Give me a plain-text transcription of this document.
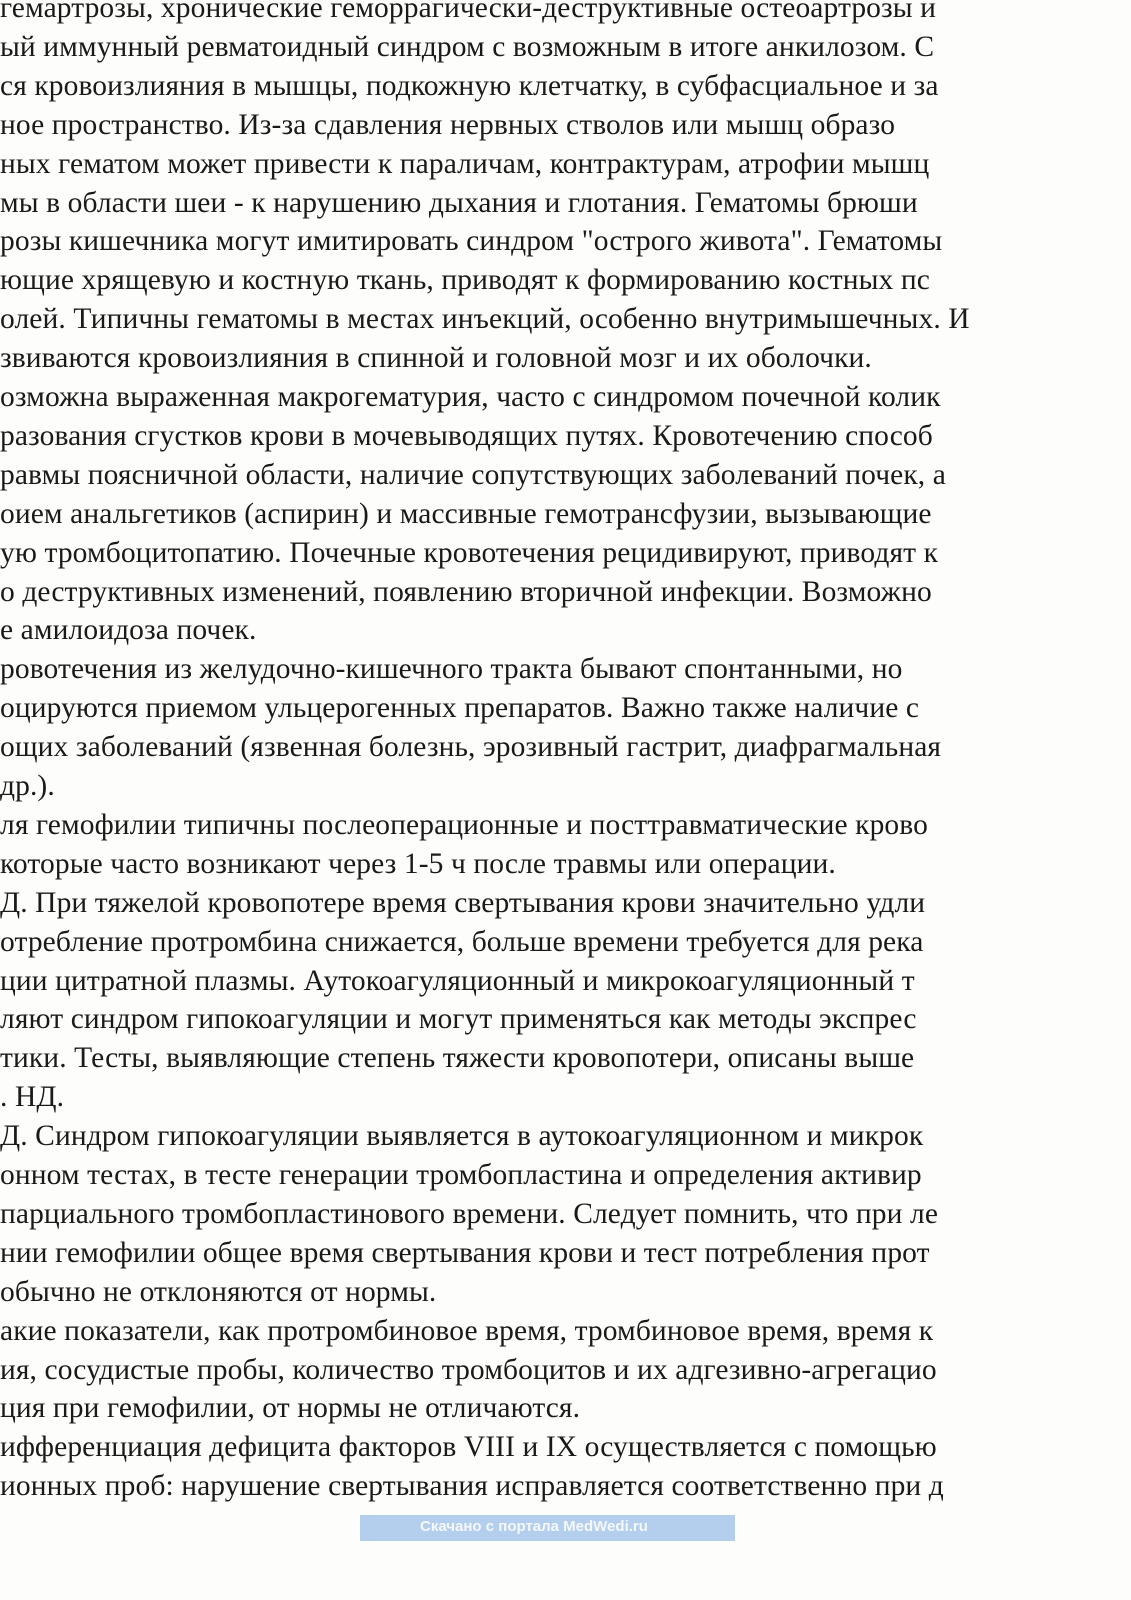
гемартрозы, хронические геморрагически-деструктивные остеоартрозы и
ый иммунный ревматоидный синдром с возможным в итоге анкилозом. С
ся кровоизлияния в мышцы, подкожную клетчатку, в субфасциальное и за
ное пространство. Из-за сдавления нервных стволов или мышц образо
ных гематом может привести к параличам, контрактурам, атрофии мышц
мы в области шеи - к нарушению дыхания и глотания. Гематомы брюши
розы кишечника могут имитировать синдром "острого живота". Гематомы
ющие хрящевую и костную ткань, приводят к формированию костных пс
олей. Типичны гематомы в местах инъекций, особенно внутримышечных. И
звиваются кровоизлияния в спинной и головной мозг и их оболочки.
озможна выраженная макрогематурия, часто с синдромом почечной колик
разования сгустков крови в мочевыводящих путях. Кровотечению способ
равмы поясничной области, наличие сопутствующих заболеваний почек, а
оием анальгетиков (аспирин) и массивные гемотрансфузии, вызывающие
ую тромбоцитопатию. Почечные кровотечения рецидивируют, приводят к
о деструктивных изменений, появлению вторичной инфекции. Возможно
е амилоидоза почек.
ровотечения из желудочно-кишечного тракта бывают спонтанными, но
оцируются приемом ульцерогенных препаратов. Важно также наличие с
ощих заболеваний (язвенная болезнь, эрозивный гастрит, диафрагмальная
др.).
ля гемофилии типичны послеоперационные и посттравматические крово
которые часто возникают через 1-5 ч после травмы или операции.
Д. При тяжелой кровопотере время свертывания крови значительно удли
отребление протромбина снижается, больше времени требуется для река
ции цитратной плазмы. Аутокоагуляционный и микрокоагуляционный т
ляют синдром гипокоагуляции и могут применяться как методы экспрес
тики. Тесты, выявляющие степень тяжести кровопотери, описаны выше
. НД.
Д. Синдром гипокоагуляции выявляется в аутокоагуляционном и микрок
онном тестах, в тесте генерации тромбопластина и определения активир
парциального тромбопластинового времени. Следует помнить, что при ле
нии гемофилии общее время свертывания крови и тест потребления прот
обычно не отклоняются от нормы.
акие показатели, как протромбиновое время, тромбиновое время, время к
ия, сосудистые пробы, количество тромбоцитов и их адгезивно-агрегацио
ция при гемофилии, от нормы не отличаются.
ифференциация дефицита факторов VIII и IX осуществляется с помощью
ионных проб: нарушение свертывания исправляется соответственно при д
Скачано с портала MedWedi.ru
